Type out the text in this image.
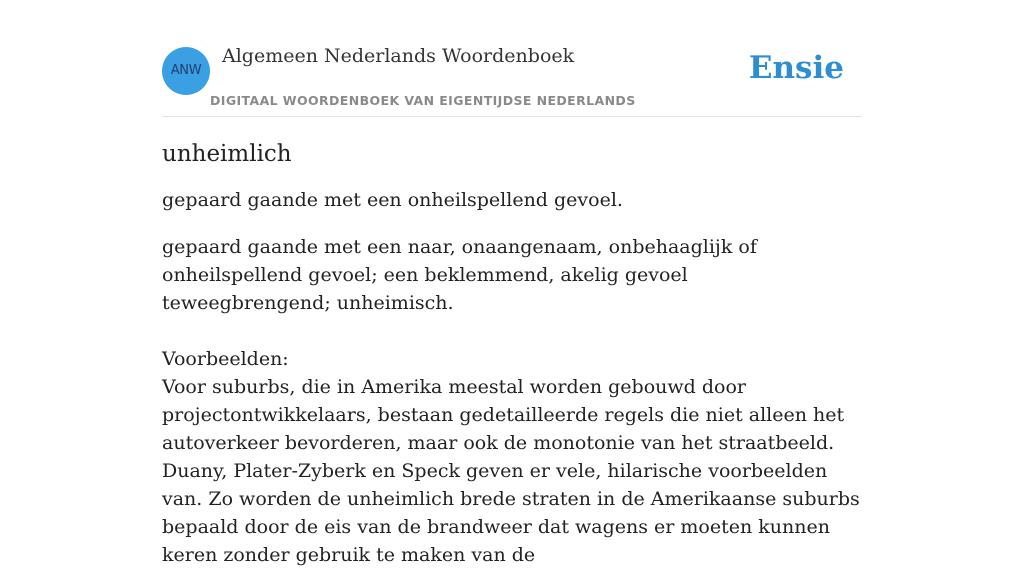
ANW
Algemeen Nederlands Woordenboek
DIGITAAL WOORDENBOEK VAN EIGENTIJDSE NEDERLANDS
Ensie
unheimlich

gepaard gaande met een onheilspellend gevoel.

gepaard gaande met een naar, onaangenaam, onbehaaglijk of onheilspellend gevoel; een beklemmend, akelig gevoel teweegbrengend; unheimisch.

Voorbeelden:

Voor suburbs, die in Amerika meestal worden gebouwd door projectontwikkelaars, bestaan gedetailleerde regels die niet alleen het autoverkeer bevorderen, maar ook de monotonie van het straatbeeld. Duany, Plater-Zyberk en Speck geven er vele, hilarische voorbeelden van. Zo worden de unheimlich brede straten in de Amerikaanse suburbs bepaald door de eis van de brandweer dat wagens er moeten kunnen keren zonder gebruik te maken van de
